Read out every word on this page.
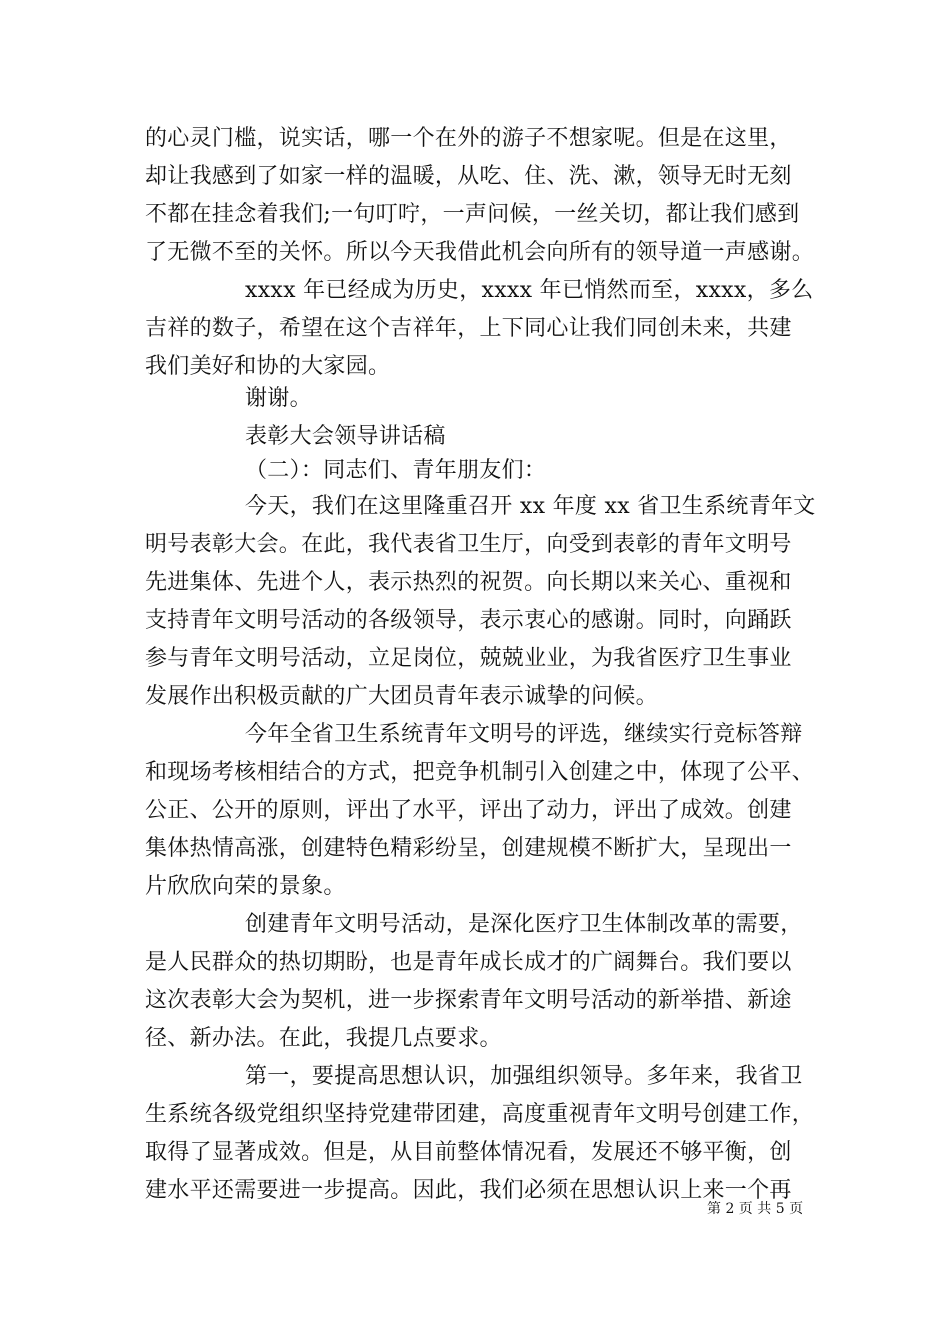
的心灵门槛，说实话，哪一个在外的游子不想家呢。但是在这里，
却让我感到了如家一样的温暖，从吃、住、洗、漱，领导无时无刻
不都在挂念着我们;一句叮咛，一声问候，一丝关切，都让我们感到
了无微不至的关怀。所以今天我借此机会向所有的领导道一声感谢。
xxxx 年已经成为历史，xxxx 年已悄然而至，xxxx，多么
吉祥的数子，希望在这个吉祥年，上下同心让我们同创未来，共建
我们美好和协的大家园。
谢谢。
表彰大会领导讲话稿
（二）：同志们、青年朋友们：
今天，我们在这里隆重召开 xx 年度 xx 省卫生系统青年文
明号表彰大会。在此，我代表省卫生厅，向受到表彰的青年文明号
先进集体、先进个人，表示热烈的祝贺。向长期以来关心、重视和
支持青年文明号活动的各级领导，表示衷心的感谢。同时，向踊跃
参与青年文明号活动，立足岗位，兢兢业业，为我省医疗卫生事业
发展作出积极贡献的广大团员青年表示诚挚的问候。
今年全省卫生系统青年文明号的评选，继续实行竞标答辩
和现场考核相结合的方式，把竞争机制引入创建之中，体现了公平、
公正、公开的原则，评出了水平，评出了动力，评出了成效。创建
集体热情高涨，创建特色精彩纷呈，创建规模不断扩大，呈现出一
片欣欣向荣的景象。
创建青年文明号活动，是深化医疗卫生体制改革的需要，
是人民群众的热切期盼，也是青年成长成才的广阔舞台。我们要以
这次表彰大会为契机，进一步探索青年文明号活动的新举措、新途
径、新办法。在此，我提几点要求。
第一，要提高思想认识，加强组织领导。多年来，我省卫
生系统各级党组织坚持党建带团建，高度重视青年文明号创建工作，
取得了显著成效。但是，从目前整体情况看，发展还不够平衡，创
建水平还需要进一步提高。因此，我们必须在思想认识上来一个再
第 2 页 共 5 页
